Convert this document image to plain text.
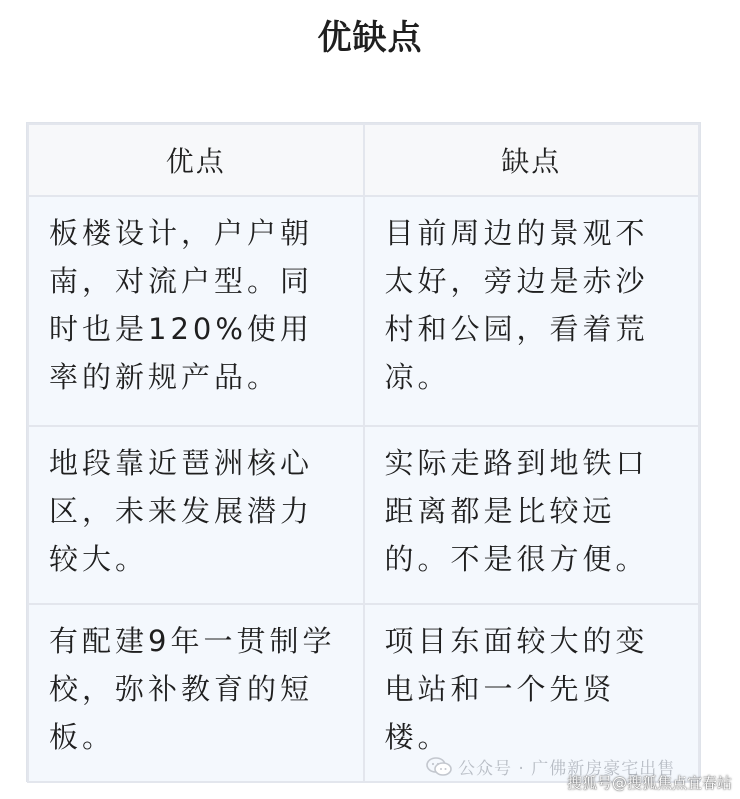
优缺点
优点	缺点
板楼设计，户户朝南，对流户型。同时也是120%使用率的新规产品。	目前周边的景观不太好，旁边是赤沙村和公园，看着荒凉。
地段靠近琶洲核心区，未来发展潜力较大。	实际走路到地铁口距离都是比较远的。不是很方便。
有配建9年一贯制学校，弥补教育的短板。	项目东面较大的变电站和一个先贤楼。
公众号 · 广佛新房豪宅出售
搜狐号@搜狐焦点宜春站
